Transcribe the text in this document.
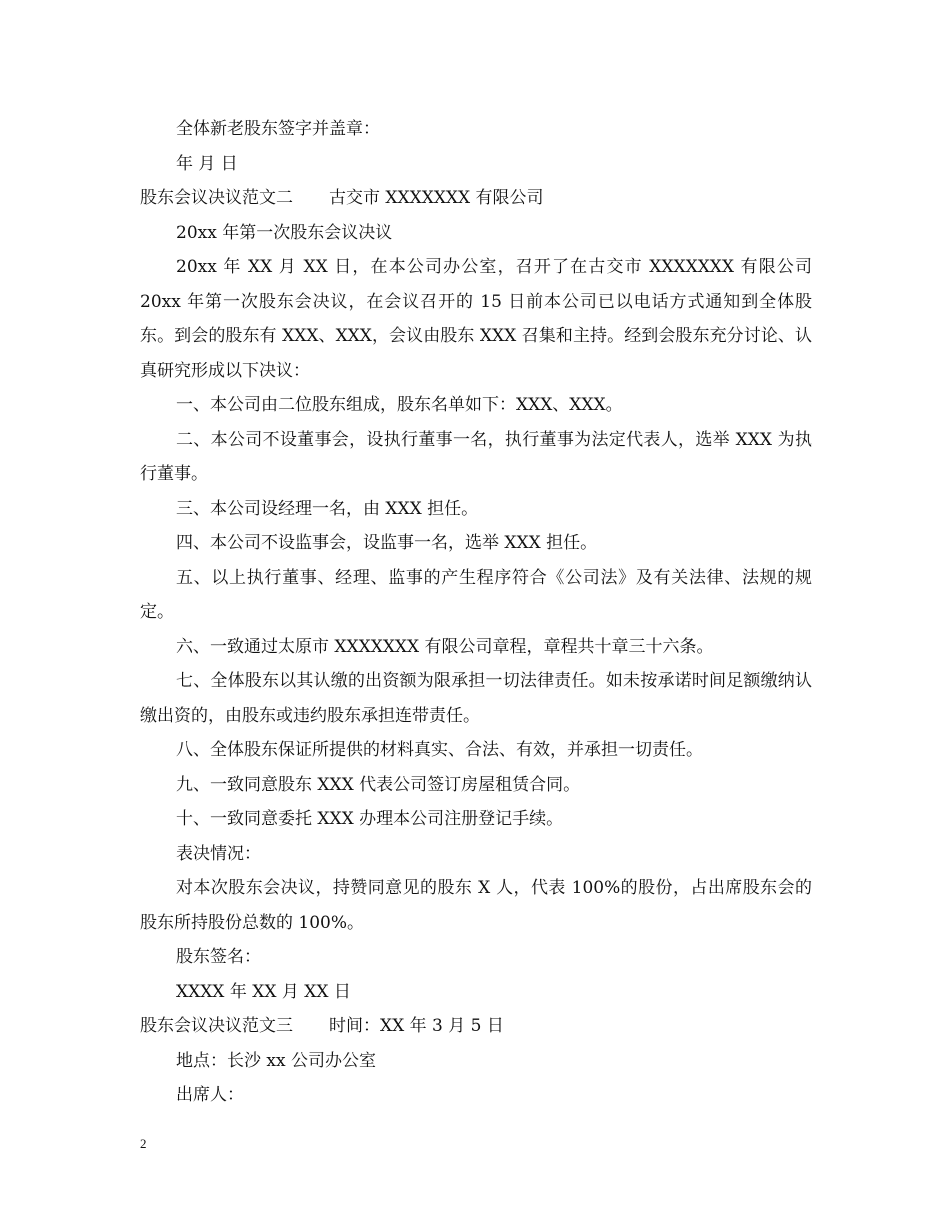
全体新老股东签字并盖章：
年 月 日
股东会议决议范文二 古交市 XXXXXXX 有限公司
20xx 年第一次股东会议决议

20xx 年 XX 月 XX 日，在本公司办公室，召开了在古交市 XXXXXXX 有限公司 20xx 年第一次股东会决议，在会议召开的 15 日前本公司已以电话方式通知到全体股东。到会的股东有 XXX、XXX，会议由股东 XXX 召集和主持。经到会股东充分讨论、认真研究形成以下决议：

一、本公司由二位股东组成，股东名单如下：XXX、XXX。

二、本公司不设董事会，设执行董事一名，执行董事为法定代表人，选举 XXX 为执行董事。

三、本公司设经理一名，由 XXX 担任。

四、本公司不设监事会，设监事一名，选举 XXX 担任。

五、以上执行董事、经理、监事的产生程序符合《公司法》及有关法律、法规的规定。

六、一致通过太原市 XXXXXXX 有限公司章程，章程共十章三十六条。

七、全体股东以其认缴的出资额为限承担一切法律责任。如未按承诺时间足额缴纳认缴出资的，由股东或违约股东承担连带责任。

八、全体股东保证所提供的材料真实、合法、有效，并承担一切责任。

九、一致同意股东 XXX 代表公司签订房屋租赁合同。

十、一致同意委托 XXX 办理本公司注册登记手续。

表决情况：

对本次股东会决议，持赞同意见的股东 X 人，代表 100%的股份，占出席股东会的股东所持股份总数的 100%。

股东签名：
XXXX 年 XX 月 XX 日
股东会议决议范文三 时间：XX 年 3 月 5 日
地点：长沙 xx 公司办公室
出席人：
2
